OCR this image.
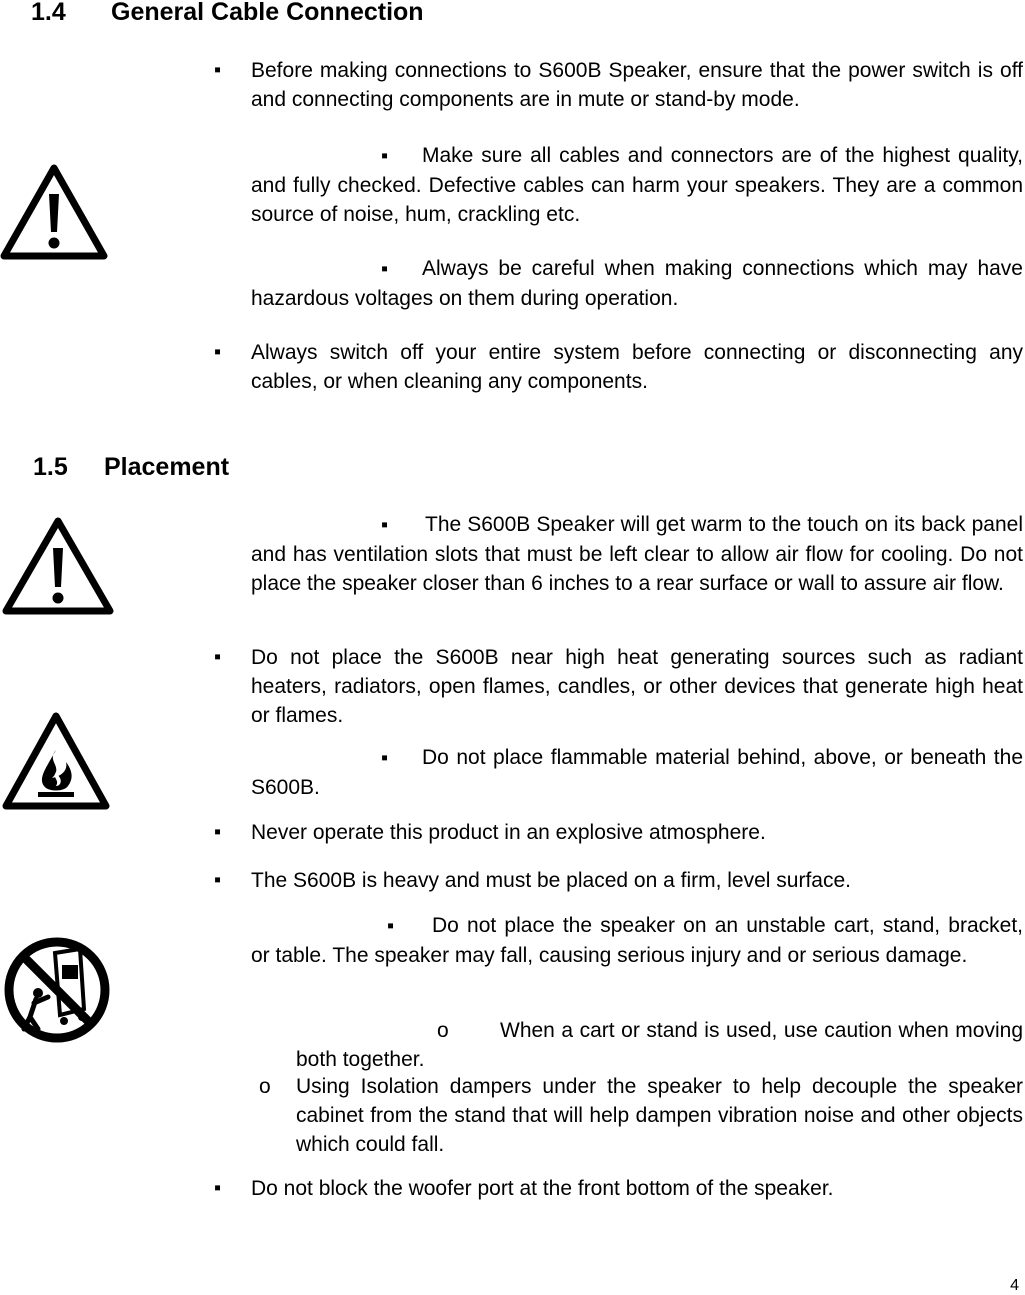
1.4 General Cable Connection
▪ Before making connections to S600B Speaker, ensure that the power switch is off and connecting components are in mute or stand-by mode.
▪ Make sure all cables and connectors are of the highest quality, and fully checked. Defective cables can harm your speakers. They are a common source of noise, hum, crackling etc.
▪ Always be careful when making connections which may have hazardous voltages on them during operation.
▪ Always switch off your entire system before connecting or disconnecting any cables, or when cleaning any components.
1.5 Placement
▪ The S600B Speaker will get warm to the touch on its back panel and has ventilation slots that must be left clear to allow air flow for cooling. Do not place the speaker closer than 6 inches to a rear surface or wall to assure air flow.
▪ Do not place the S600B near high heat generating sources such as radiant heaters, radiators, open flames, candles, or other devices that generate high heat or flames.
▪ Do not place flammable material behind, above, or beneath the S600B.
▪ Never operate this product in an explosive atmosphere.
▪ The S600B is heavy and must be placed on a firm, level surface.
▪ Do not place the speaker on an unstable cart, stand, bracket, or table. The speaker may fall, causing serious injury and or serious damage.
o When a cart or stand is used, use caution when moving both together.
o Using Isolation dampers under the speaker to help decouple the speaker cabinet from the stand that will help dampen vibration noise and other objects which could fall.
▪ Do not block the woofer port at the front bottom of the speaker.
4
